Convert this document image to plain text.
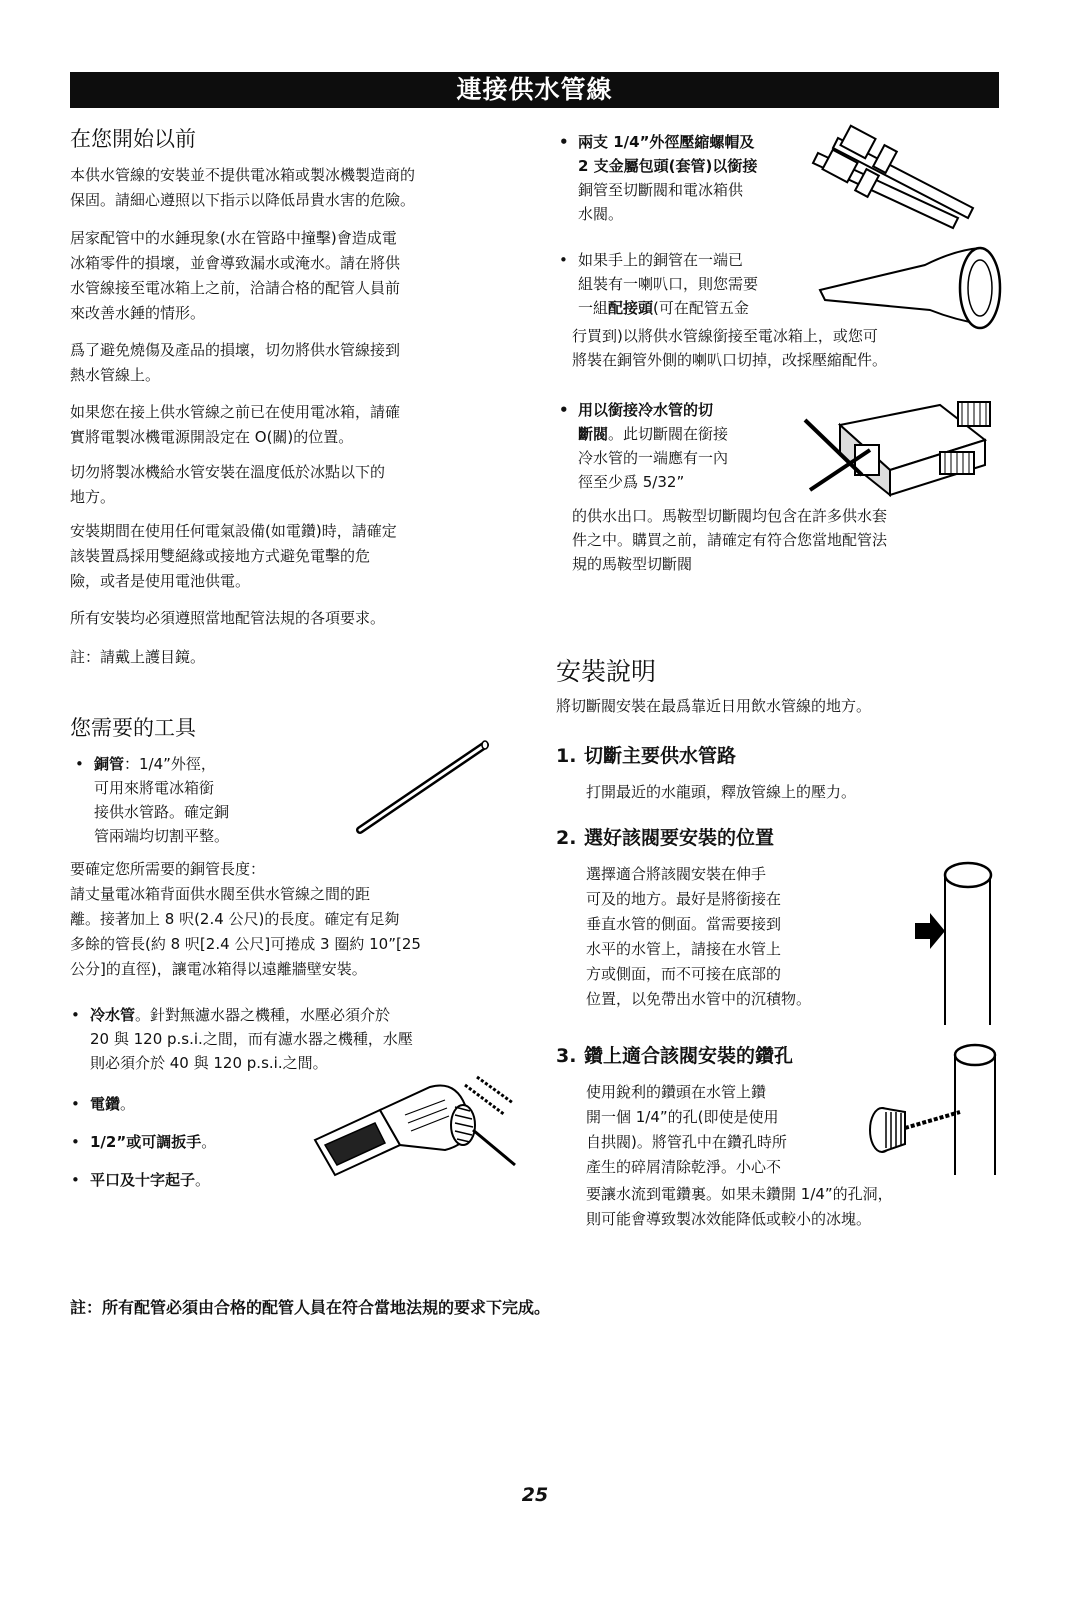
連接供水管線
在您開始以前
本供水管線的安裝並不提供電冰箱或製冰機製造商的
保固。請細心遵照以下指示以降低昂貴水害的危險。
居家配管中的水錘現象(水在管路中撞擊)會造成電
冰箱零件的損壞，並會導致漏水或淹水。請在將供
水管線接至電冰箱上之前，洽請合格的配管人員前
來改善水錘的情形。
爲了避免燒傷及產品的損壞，切勿將供水管線接到
熱水管線上。
如果您在接上供水管線之前已在使用電冰箱，請確
實將電製冰機電源開設定在 O(關)的位置。
切勿將製冰機給水管安裝在溫度低於冰點以下的
地方。
安裝期間在使用任何電氣設備(如電鑽)時，請確定
該裝置爲採用雙絕緣或接地方式避免電擊的危
險，或者是使用電池供電。
所有安裝均必須遵照當地配管法規的各項要求。
註：請戴上護目鏡。
您需要的工具
• 銅管：1/4”外徑，
可用來將電冰箱銜
接供水管路。確定銅
管兩端均切割平整。
要確定您所需要的銅管長度：
請丈量電冰箱背面供水閥至供水管線之間的距
離。接著加上 8 呎(2.4 公尺)的長度。確定有足夠
多餘的管長(約 8 呎[2.4 公尺]可捲成 3 圈約 10”[25
公分]的直徑)，讓電冰箱得以遠離牆壁安裝。
• 冷水管。針對無濾水器之機種，水壓必須介於
20 與 120 p.s.i.之間，而有濾水器之機種，水壓
則必須介於 40 與 120 p.s.i.之間。
• 電鑽。
• 1/2”或可調扳手。
• 平口及十字起子。
• 兩支 1/4”外徑壓縮螺帽及
2 支金屬包頭(套管)以銜接
銅管至切斷閥和電冰箱供
水閥。
• 如果手上的銅管在一端已
組裝有一喇叭口，則您需要
一組配接頭(可在配管五金
行買到)以將供水管線銜接至電冰箱上，或您可
將裝在銅管外側的喇叭口切掉，改採壓縮配件。
• 用以銜接冷水管的切
斷閥。此切斷閥在銜接
冷水管的一端應有一內
徑至少爲 5/32”
的供水出口。馬鞍型切斷閥均包含在許多供水套
件之中。購買之前，請確定有符合您當地配管法
規的馬鞍型切斷閥
安裝說明
將切斷閥安裝在最爲靠近日用飲水管線的地方。
1. 切斷主要供水管路
打開最近的水龍頭，釋放管線上的壓力。
2. 選好該閥要安裝的位置
選擇適合將該閥安裝在伸手
可及的地方。最好是將銜接在
垂直水管的側面。當需要接到
水平的水管上，請接在水管上
方或側面，而不可接在底部的
位置，以免帶出水管中的沉積物。
3. 鑽上適合該閥安裝的鑽孔
使用銳利的鑽頭在水管上鑽
開一個 1/4”的孔(即使是使用
自拱閥)。將管孔中在鑽孔時所
產生的碎屑清除乾淨。小心不
要讓水流到電鑽裏。如果未鑽開 1/4”的孔洞，
則可能會導致製冰效能降低或較小的冰塊。
註：所有配管必須由合格的配管人員在符合當地法規的要求下完成。
25
